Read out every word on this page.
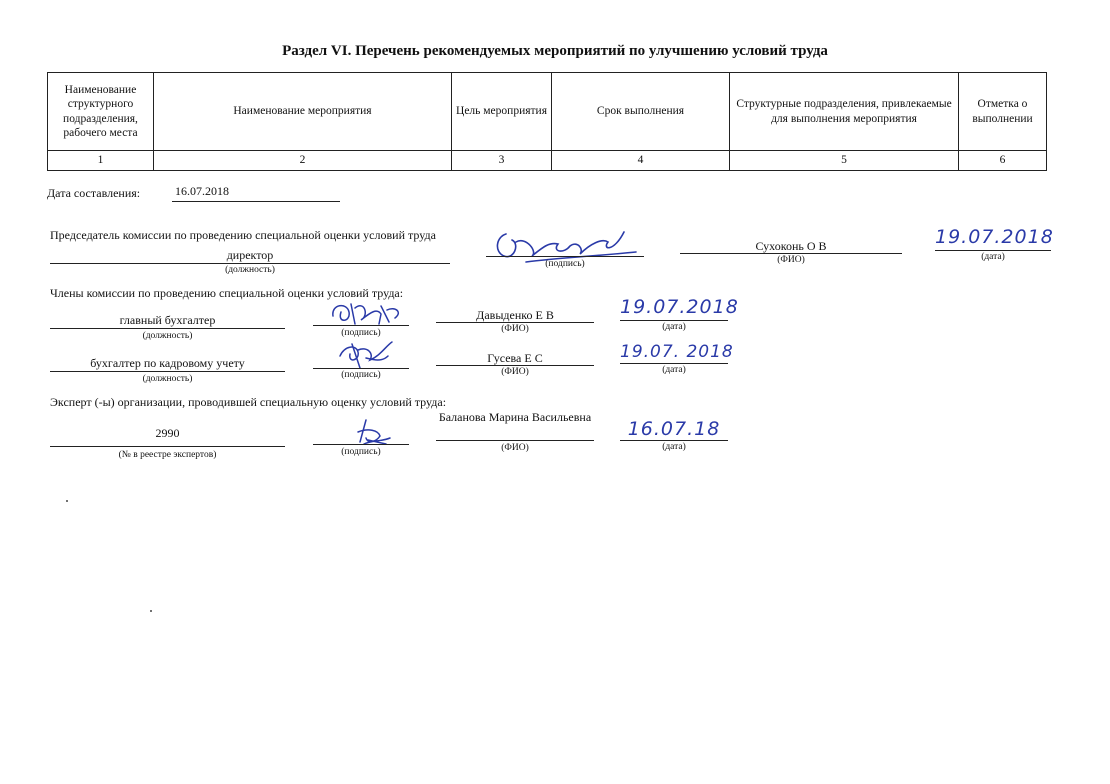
Раздел VI. Перечень рекомендуемых мероприятий по улучшению условий труда
Наименование структурного подразделения, рабочего места	Наименование мероприятия	Цель мероприятия	Срок выполнения	Структурные подразделения, привлекаемые для выполнения мероприятия	Отметка о выполнении
1	2	3	4	5	6
Дата составления:	16.07.2018
Председатель комиссии по проведению специальной оценки условий труда
директор
(должность)
(подпись)
Сухоконь О В
(ФИО)
19.07.2018
(дата)
Члены комиссии по проведению специальной оценки условий труда:
главный бухгалтер
(должность)	(подпись)
Давыденко Е В
(ФИО)
19.07.2018
(дата)
бухгалтер по кадровому учету
(должность)	(подпись)
Гусева Е С
(ФИО)
19.07. 2018
(дата)
Эксперт (-ы) организации, проводившей специальную оценку условий труда:
2990
(№ в реестре экспертов)	(подпись)
Баланова Марина Васильевна
(ФИО)
16.07.18
(дата)
